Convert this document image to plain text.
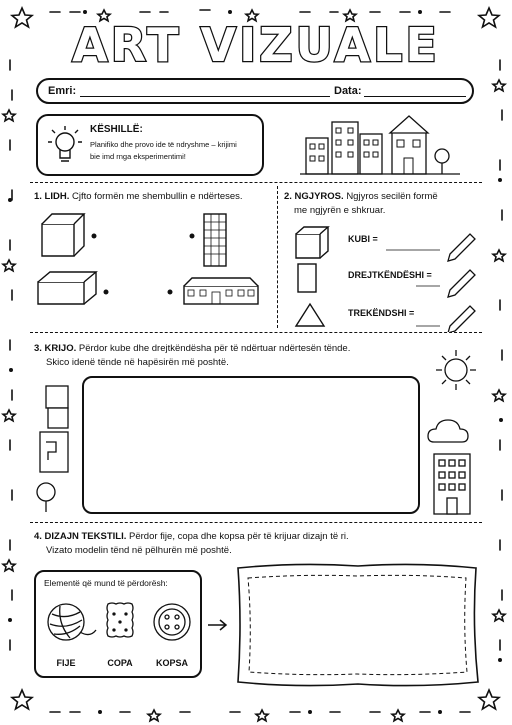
ART VIZUALE
Emri:	Data:
KËSHILLË:
Planifiko dhe provo ide të ndryshme – krijimi
bie imd rnga eksperimentimi!
1. LIDH. Cjfto formën me shembullin e ndërteses.	2. NGJYROS. Ngjyros secilën formë
me ngjyrën e shkruar.
KUBI =
DREJTKËNDËSHI =
TREKËNDSHI =
3. KRIJO. Përdor kube dhe drejtkëndësha për të ndërtuar ndërtesën tënde.
Skico idenë tënde në hapësirën më poshtë.
4. DIZAJN TEKSTILI. Përdor fije, copa dhe kopsa për të krijuar dizajn të ri.
Vizato modelin tënd në pëlhurën më poshtë.
Elementë që mund të përdorësh:
FIJE	COPA	KOPSA
